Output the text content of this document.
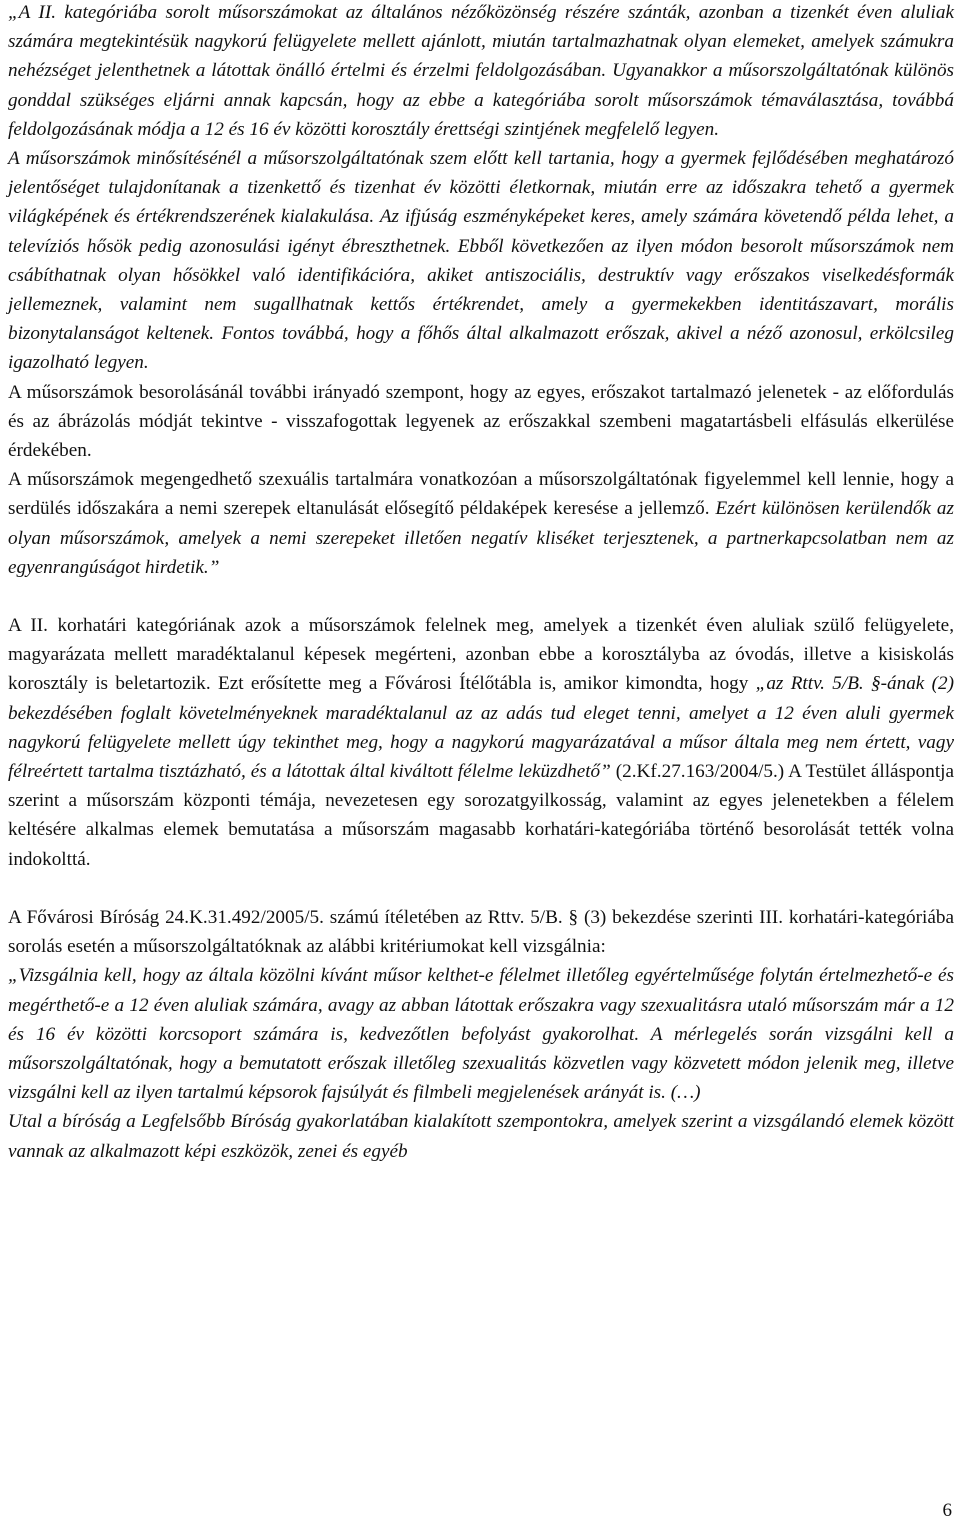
„A II. kategóriába sorolt műsorszámokat az általános nézőközönség részére szánták, azonban a tizenkét éven aluliak számára megtekintésük nagykorú felügyelete mellett ajánlott, miután tartalmazhatnak olyan elemeket, amelyek számukra nehézséget jelenthetnek a látottak önálló értelmi és érzelmi feldolgozásában. Ugyanakkor a műsorszolgáltatónak különös gonddal szükséges eljárni annak kapcsán, hogy az ebbe a kategóriába sorolt műsorszámok témaválasztása, továbbá feldolgozásának módja a 12 és 16 év közötti korosztály érettségi szintjének megfelelő legyen.

A műsorszámok minősítésénél a műsorszolgáltatónak szem előtt kell tartania, hogy a gyermek fejlődésében meghatározó jelentőséget tulajdonítanak a tizenkettő és tizenhat év közötti életkornak, miután erre az időszakra tehető a gyermek világképének és értékrendszerének kialakulása. Az ifjúság eszményképeket keres, amely számára követendő példa lehet, a televíziós hősök pedig azonosulási igényt ébreszthetnek. Ebből következően az ilyen módon besorolt műsorszámok nem csábíthatnak olyan hősökkel való identifikációra, akiket antiszociális, destruktív vagy erőszakos viselkedésformák jellemeznek, valamint nem sugallhatnak kettős értékrendet, amely a gyermekekben identitászavart, morális bizonytalanságot keltenek. Fontos továbbá, hogy a főhős által alkalmazott erőszak, akivel a néző azonosul, erkölcsileg igazolható legyen.

A műsorszámok besorolásánál további irányadó szempont, hogy az egyes, erőszakot tartalmazó jelenetek - az előfordulás és az ábrázolás módját tekintve - visszafogottak legyenek az erőszakkal szembeni magatartásbeli elfásulás elkerülése érdekében.

A műsorszámok megengedhető szexuális tartalmára vonatkozóan a műsorszolgáltatónak figyelemmel kell lennie, hogy a serdülés időszakára a nemi szerepek eltanulását elősegítő példaképek keresése a jellemző. Ezért különösen kerülendők az olyan műsorszámok, amelyek a nemi szerepeket illetően negatív kliséket terjesztenek, a partnerkapcsolatban nem az egyenrangúságot hirdetik.”

A II. korhatári kategóriának azok a műsorszámok felelnek meg, amelyek a tizenkét éven aluliak szülő felügyelete, magyarázata mellett maradéktalanul képesek megérteni, azonban ebbe a korosztályba az óvodás, illetve a kisiskolás korosztály is beletartozik. Ezt erősítette meg a Fővárosi Ítélőtábla is, amikor kimondta, hogy „az Rttv. 5/B. §-ának (2) bekezdésében foglalt követelményeknek maradéktalanul az az adás tud eleget tenni, amelyet a 12 éven aluli gyermek nagykorú felügyelete mellett úgy tekinthet meg, hogy a nagykorú magyarázatával a műsor általa meg nem értett, vagy félreértett tartalma tisztázható, és a látottak által kiváltott félelme leküzdhető” (2.Kf.27.163/2004/5.) A Testület álláspontja szerint a műsorszám központi témája, nevezetesen egy sorozatgyilkosság, valamint az egyes jelenetekben a félelem keltésére alkalmas elemek bemutatása a műsorszám magasabb korhatári-kategóriába történő besorolását tették volna indokolttá.

A Fővárosi Bíróság 24.K.31.492/2005/5. számú ítéletében az Rttv. 5/B. § (3) bekezdése szerinti III. korhatári-kategóriába sorolás esetén a műsorszolgáltatóknak az alábbi kritériumokat kell vizsgálnia:

„Vizsgálnia kell, hogy az általa közölni kívánt műsor kelthet-e félelmet illetőleg egyértelműsége folytán értelmezhető-e és megérthető-e a 12 éven aluliak számára, avagy az abban látottak erőszakra vagy szexualitásra utaló műsorszám már a 12 és 16 év közötti korcsoport számára is, kedvezőtlen befolyást gyakorolhat. A mérlegelés során vizsgálni kell a műsorszolgáltatónak, hogy a bemutatott erőszak illetőleg szexualitás közvetlen vagy közvetett módon jelenik meg, illetve vizsgálni kell az ilyen tartalmú képsorok fajsúlyát és filmbeli megjelenések arányát is. (…)

Utal a bíróság a Legfelsőbb Bíróság gyakorlatában kialakított szempontokra, amelyek szerint a vizsgálandó elemek között vannak az alkalmazott képi eszközök, zenei és egyéb

6
